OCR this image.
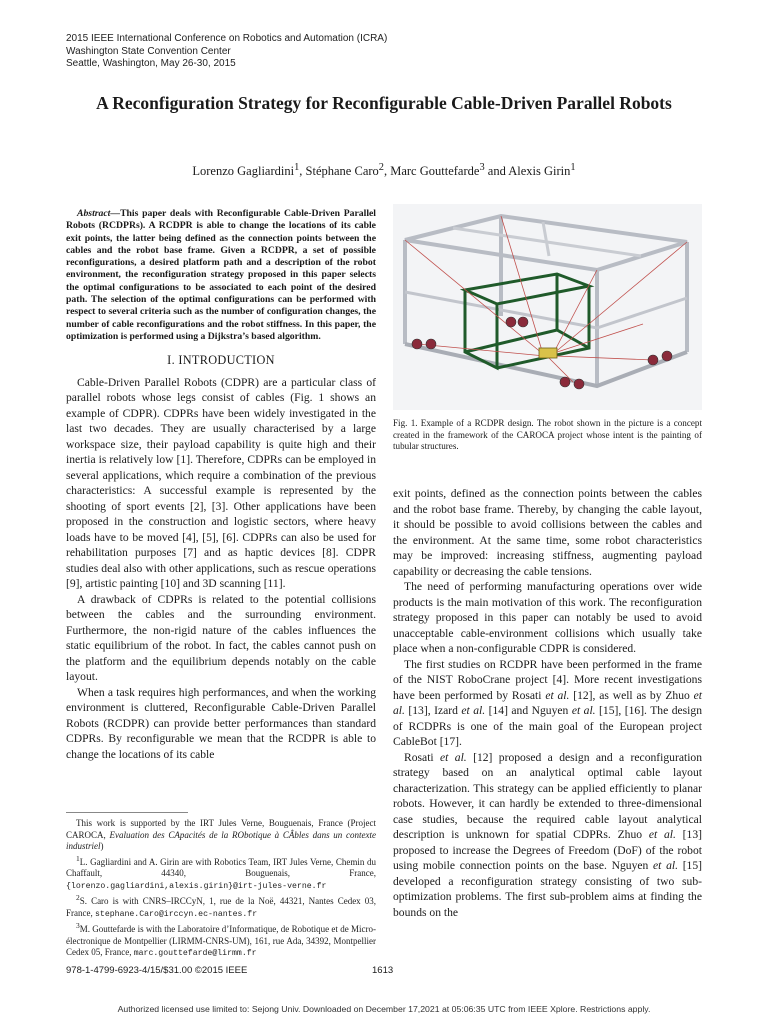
2015 IEEE International Conference on Robotics and Automation (ICRA)
Washington State Convention Center
Seattle, Washington, May 26-30, 2015
A Reconfiguration Strategy for Reconfigurable Cable-Driven Parallel Robots
Lorenzo Gagliardini$^1$, Stéphane Caro$^2$, Marc Gouttefarde$^3$ and Alexis Girin$^1$

Abstract—This paper deals with Reconfigurable Cable-Driven Parallel Robots (RCDPRs). A RCDPR is able to change the locations of its cable exit points, the latter being defined as the connection points between the cables and the robot base frame. Given a RCDPR, a set of possible reconfigurations, a desired platform path and a description of the robot environment, the reconfiguration strategy proposed in this paper selects the optimal configurations to be associated to each point of the desired path. The selection of the optimal configurations can be performed with respect to several criteria such as the number of configuration changes, the number of cable reconfigurations and the robot stiffness. In this paper, the optimization is performed using a Dijkstra’s based algorithm.

I. INTRODUCTION

Cable-Driven Parallel Robots (CDPR) are a particular class of parallel robots whose legs consist of cables (Fig. 1 shows an example of CDPR). CDPRs have been widely investigated in the last two decades. They are usually characterised by a large workspace size, their payload capability is quite high and their inertia is relatively low [1]. Therefore, CDPRs can be employed in several applications, which require a combination of the previous characteristics: A successful example is represented by the shooting of sport events [2], [3]. Other applications have been proposed in the construction and logistic sectors, where heavy loads have to be moved [4], [5], [6]. CDPRs can also be used for rehabilitation purposes [7] and as haptic devices [8]. CDPR studies deal also with other applications, such as rescue operations [9], artistic painting [10] and 3D scanning [11].

A drawback of CDPRs is related to the potential collisions between the cables and the surrounding environment. Furthermore, the non-rigid nature of the cables influences the static equilibrium of the robot. In fact, the cables cannot push on the platform and the equilibrium depends notably on the cable layout.

When a task requires high performances, and when the working environment is cluttered, Reconfigurable Cable-Driven Parallel Robots (RCDPR) can provide better performances than standard CDPRs. By reconfigurable we mean that the RCDPR is able to change the locations of its cable

This work is supported by the IRT Jules Verne, Bouguenais, France (Project CAROCA, Evaluation des CApacités de la RObotique à CÂbles dans un contexte industriel)

$^1$L. Gagliardini and A. Girin are with Robotics Team, IRT Jules Verne, Chemin du Chaffault, 44340, Bouguenais, France, {lorenzo.gagliardini,alexis.girin}@irt-jules-verne.fr

$^2$S. Caro is with CNRS–IRCCyN, 1, rue de la Noë, 44321, Nantes Cedex 03, France, stephane.Caro@irccyn.ec-nantes.fr

$^3$M. Gouttefarde is with the Laboratoire d’Informatique, de Robotique et de Micro-électronique de Montpellier (LIRMM-CNRS-UM), 161, rue Ada, 34392, Montpellier Cedex 05, France, marc.gouttefarde@lirmm.fr

Fig. 1. Example of a RCDPR design. The robot shown in the picture is a concept created in the framework of the CAROCA project whose intent is the painting of tubular structures.

exit points, defined as the connection points between the cables and the robot base frame. Thereby, by changing the cable layout, it should be possible to avoid collisions between the cables and the environment. At the same time, some robot characteristics may be improved: increasing stiffness, augmenting payload capability or decreasing the cable tensions.

The need of performing manufacturing operations over wide products is the main motivation of this work. The reconfiguration strategy proposed in this paper can notably be used to avoid unacceptable cable-environment collisions which usually take place when a non-configurable CDPR is considered.

The first studies on RCDPR have been performed in the frame of the NIST RoboCrane project [4]. More recent investigations have been performed by Rosati et al. [12], as well as by Zhuo et al. [13], Izard et al. [14] and Nguyen et al. [15], [16]. The design of RCDPRs is one of the main goal of the European project CableBot [17].

Rosati et al. [12] proposed a design and a reconfiguration strategy based on an analytical optimal cable layout characterization. This strategy can be applied efficiently to planar robots. However, it can hardly be extended to three-dimensional case studies, because the required cable layout analytical description is unknown for spatial CDPRs. Zhuo et al. [13] proposed to increase the Degrees of Freedom (DoF) of the robot using mobile connection points on the base. Nguyen et al. [15] developed a reconfiguration strategy consisting of two sub-optimization problems. The first sub-problem aims at finding the bounds on the

978-1-4799-6923-4/15/$31.00 ©2015 IEEE	1613
Authorized licensed use limited to: Sejong Univ. Downloaded on December 17,2021 at 05:06:35 UTC from IEEE Xplore. Restrictions apply.
